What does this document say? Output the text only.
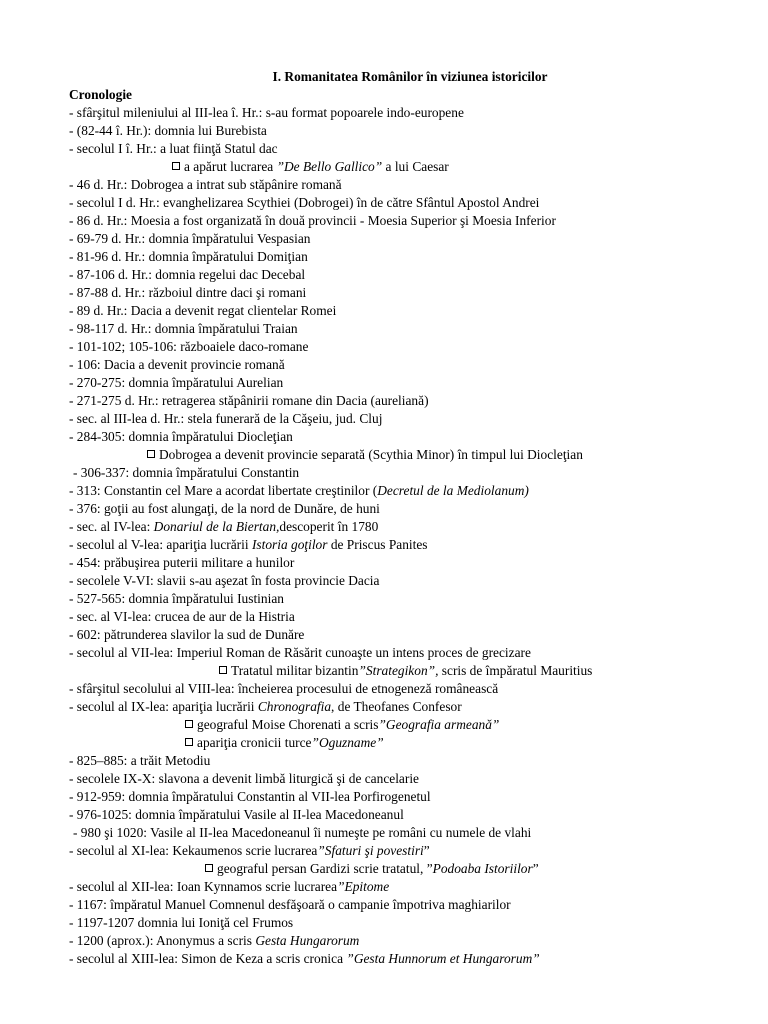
I. Romanitatea Românilor în viziunea istoricilor
Cronologie
- sfârşitul mileniului al III-lea î. Hr.: s-au format popoarele indo-europene
- (82-44 î. Hr.): domnia lui Burebista
- secolul I î. Hr.: a luat fiinţă Statul dac
a apărut lucrarea ”De Bello Gallico” a lui Caesar
- 46 d. Hr.: Dobrogea a intrat sub stăpânire romană
- secolul I d. Hr.: evanghelizarea Scythiei (Dobrogei) în de către Sfântul Apostol Andrei
- 86 d. Hr.: Moesia a fost organizată în două provincii - Moesia Superior şi Moesia Inferior
- 69-79 d. Hr.: domnia împăratului Vespasian
- 81-96 d. Hr.: domnia împăratului Domiţian
- 87-106 d. Hr.: domnia regelui dac Decebal
- 87-88 d. Hr.: războiul dintre daci şi romani
- 89 d. Hr.: Dacia a devenit regat clientelar Romei
- 98-117 d. Hr.: domnia împăratului Traian
- 101-102; 105-106: războaiele daco-romane
- 106: Dacia a devenit provincie romană
- 270-275: domnia împăratului Aurelian
- 271-275 d. Hr.: retragerea stăpânirii romane din Dacia (aureliană)
- sec. al III-lea d. Hr.: stela funerară de la Căşeiu, jud. Cluj
- 284-305: domnia împăratului Diocleţian
Dobrogea a devenit provincie separată (Scythia Minor) în timpul lui Diocleţian
- 306-337: domnia împăratului Constantin
- 313: Constantin cel Mare a acordat libertate creştinilor (Decretul de la Mediolanum)
- 376: goţii au fost alungaţi, de la nord de Dunăre, de huni
- sec. al IV-lea: Donariul de la Biertan,descoperit în 1780
- secolul al V-lea: apariţia lucrării Istoria goţilor de Priscus Panites
- 454: prăbuşirea puterii militare a hunilor
- secolele V-VI: slavii s-au aşezat în fosta provincie Dacia
- 527-565: domnia împăratului Iustinian
- sec. al VI-lea: crucea de aur de la Histria
- 602: pătrunderea slavilor la sud de Dunăre
- secolul al VII-lea: Imperiul Roman de Răsărit cunoaşte un intens proces de grecizare
Tratatul militar bizantin”Strategikon”, scris de împăratul Mauritius
- sfârşitul secolului al VIII-lea: încheierea procesului de etnogeneză românească
- secolul al IX-lea: apariţia lucrării Chronografia, de Theofanes Confesor
geograful Moise Chorenati a scris”Geografia armeană”
apariţia cronicii turce”Oguzname”
- 825–885: a trăit Metodiu
- secolele IX-X: slavona a devenit limbă liturgică şi de cancelarie
- 912-959: domnia împăratului Constantin al VII-lea Porfirogenetul
- 976-1025: domnia împăratului Vasile al II-lea Macedoneanul
- 980 şi 1020: Vasile al II-lea Macedoneanul îi numeşte pe români cu numele de vlahi
- secolul al XI-lea: Kekaumenos scrie lucrarea”Sfaturi şi povestiri”
geograful persan Gardizi scrie tratatul, ”Podoaba Istoriilor”
- secolul al XII-lea: Ioan Kynnamos scrie lucrarea”Epitome
- 1167: împăratul Manuel Comnenul desfăşoară o campanie împotriva maghiarilor
- 1197-1207 domnia lui Ioniţă cel Frumos
- 1200 (aprox.): Anonymus a scris Gesta Hungarorum
- secolul al XIII-lea: Simon de Keza a scris cronica ”Gesta Hunnorum et Hungarorum”
